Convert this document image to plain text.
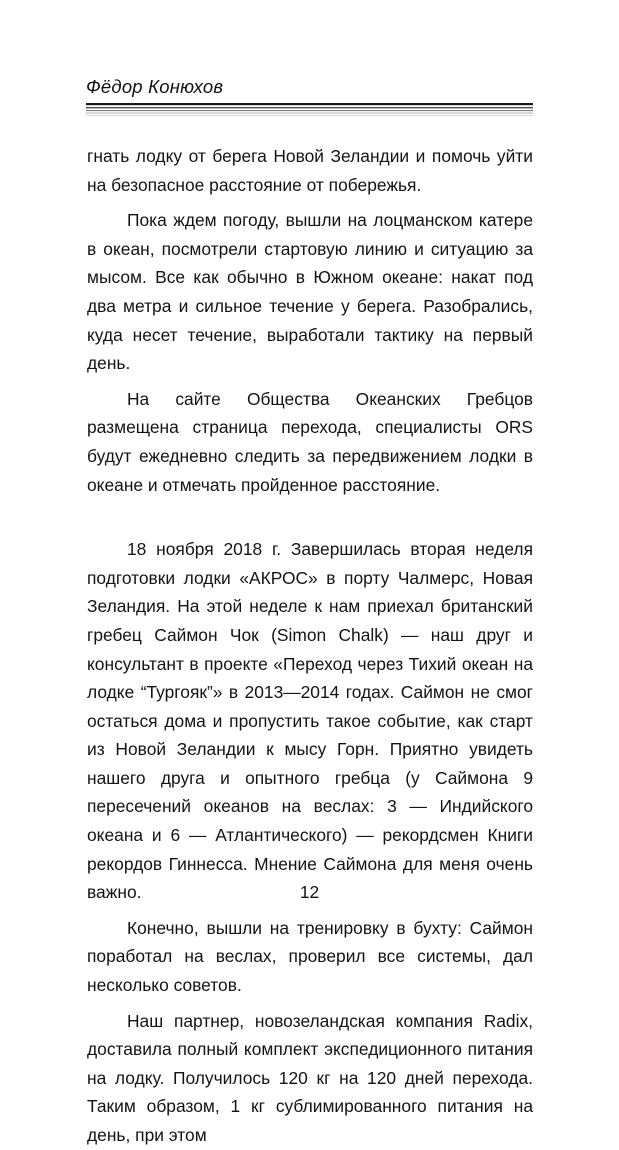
Фёдор Конюхов

гнать лодку от берега Новой Зеландии и помочь уйти на безопасное расстояние от побережья.

Пока ждем погоду, вышли на лоцманском катере в океан, посмотрели стартовую линию и ситуацию за мысом. Все как обычно в Южном океане: накат под два метра и сильное течение у берега. Разобрались, куда несет течение, выработали тактику на первый день.

На сайте Общества Океанских Гребцов размещена страница перехода, специалисты ORS будут ежедневно следить за передвижением лодки в океане и отмечать пройденное расстояние.

18 ноября 2018 г. Завершилась вторая неделя подготовки лодки «АКРОС» в порту Чалмерс, Новая Зеландия. На этой неделе к нам приехал британский гребец Саймон Чок (Simon Chalk) — наш друг и консультант в проекте «Переход через Тихий океан на лодке “Тургояк”» в 2013—2014 годах. Саймон не смог остаться дома и пропустить такое событие, как старт из Новой Зеландии к мысу Горн. Приятно увидеть нашего друга и опытного гребца (у Саймона 9 пересечений океанов на веслах: 3 — Индийского океана и 6 — Атлантического) — рекордсмен Книги рекордов Гиннесса. Мнение Саймона для меня очень важно.

Конечно, вышли на тренировку в бухту: Саймон поработал на веслах, проверил все системы, дал несколько советов.

Наш партнер, новозеландская компания Radix, доставила полный комплект экспедиционного питания на лодку. Получилось 120 кг на 120 дней перехода. Таким образом, 1 кг сублимированного питания на день, при этом

12
